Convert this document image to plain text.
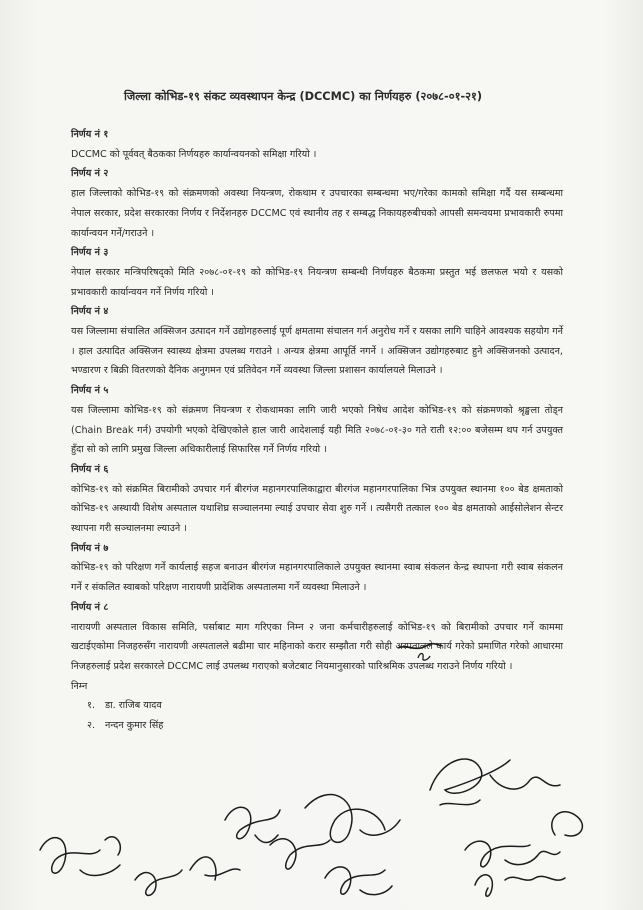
जिल्ला कोभिड-१९ संकट व्यवस्थापन केन्द्र (DCCMC) का निर्णयहरु (२०७८-०१-२१)

निर्णय नं १

DCCMC को पूर्ववत् बैठकका निर्णयहरु कार्यान्वयनको समिक्षा गरियो ।

निर्णय नं २

हाल जिल्लाको कोभिड-१९ को संक्रमणको अवस्था नियन्त्रण, रोकथाम र उपचारका सम्बन्धमा भए/गरेका कामको समिक्षा गर्दै यस सम्बन्धमा नेपाल सरकार, प्रदेश सरकारका निर्णय र निर्देशनहरु DCCMC एवं स्थानीय तह र सम्बद्ध निकायहरुबीचको आपसी समन्वयमा प्रभावकारी रुपमा कार्यान्वयन गर्ने/गराउने ।

निर्णय नं ३

नेपाल सरकार मन्त्रिपरिषद्को मिति २०७८-०१-१९ को कोभिड-१९ नियन्त्रण सम्बन्धी निर्णयहरु बैठकमा प्रस्तुत भई छलफल भयो र यसको प्रभावकारी कार्यान्वयन गर्ने निर्णय गरियो ।

निर्णय नं ४

यस जिल्लामा संचालित अक्सिजन उत्पादन गर्ने उद्योगहरुलाई पूर्ण क्षमतामा संचालन गर्न अनुरोध गर्ने र यसका लागि चाहिने आवश्यक सहयोग गर्ने । हाल उत्पादित अक्सिजन स्वास्थ्य क्षेत्रमा उपलब्ध गराउने । अन्यत्र क्षेत्रमा आपूर्ति नगर्ने । अक्सिजन उद्योगहरुबाट हुने अक्सिजनको उत्पादन, भण्डारण र बिक्री वितरणको दैनिक अनुगमन एवं प्रतिवेदन गर्ने व्यवस्था जिल्ला प्रशासन कार्यालयले मिलाउने ।

निर्णय नं ५

यस जिल्लामा कोभिड-१९ को संक्रमण नियन्त्रण र रोकथामका लागि जारी भएको निषेध आदेश कोभिड-१९ को संक्रमणको श्रृङ्खला तोड्न (Chain Break गर्न) उपयोगी भएको देखिएकोले हाल जारी आदेशलाई यही मिति २०७८-०१-३० गते राती १२:०० बजेसम्म थप गर्न उपयुक्त हुँदा सो को लागि प्रमुख जिल्ला अधिकारीलाई सिफारिस गर्ने निर्णय गरियो ।

निर्णय नं ६

कोभिड-१९ को संक्रमित बिरामीको उपचार गर्न बीरगंज महानगरपालिकाद्वारा बीरगंज महानगरपालिका भित्र उपयुक्त स्थानमा १०० बेड क्षमताको कोभिड-१९ अस्थायी विशेष अस्पताल यथाशिघ्र सञ्चालनमा ल्याई उपचार सेवा शुरु गर्ने । त्यसैगरी तत्काल १०० बेड क्षमताको आईसोलेशन सेन्टर स्थापना गरी सञ्चालनमा ल्याउने ।

निर्णय नं ७

कोभिड-१९ को परिक्षण गर्ने कार्यलाई सहज बनाउन बीरगंज महानगरपालिकाले उपयुक्त स्थानमा स्वाब संकलन केन्द्र स्थापना गरी स्वाब संकलन गर्ने र संकलित स्वाबको परिक्षण नारायणी प्रादेशिक अस्पतालमा गर्ने व्यवस्था मिलाउने ।

निर्णय नं ८

नारायणी अस्पताल विकास समिति, पर्साबाट माग गरिएका निम्न २ जना कर्मचारीहरुलाई कोभिड-१९ को बिरामीको उपचार गर्ने काममा खटाईएकोमा निजहरुसँग नारायणी अस्पतालले बढीमा चार महिनाको करार सम्झौता गरी सोही अस्पतालले कार्य गरेको प्रमाणित गरेको आधारमा निजहरुलाई प्रदेश सरकारले DCCMC लाई उपलब्ध गराएको बजेटबाट नियमानुसारको पारिश्रमिक उपलब्ध गराउने निर्णय गरियो ।

निम्न

१. डा. राजिब यादव

२. नन्दन कुमार सिंह
